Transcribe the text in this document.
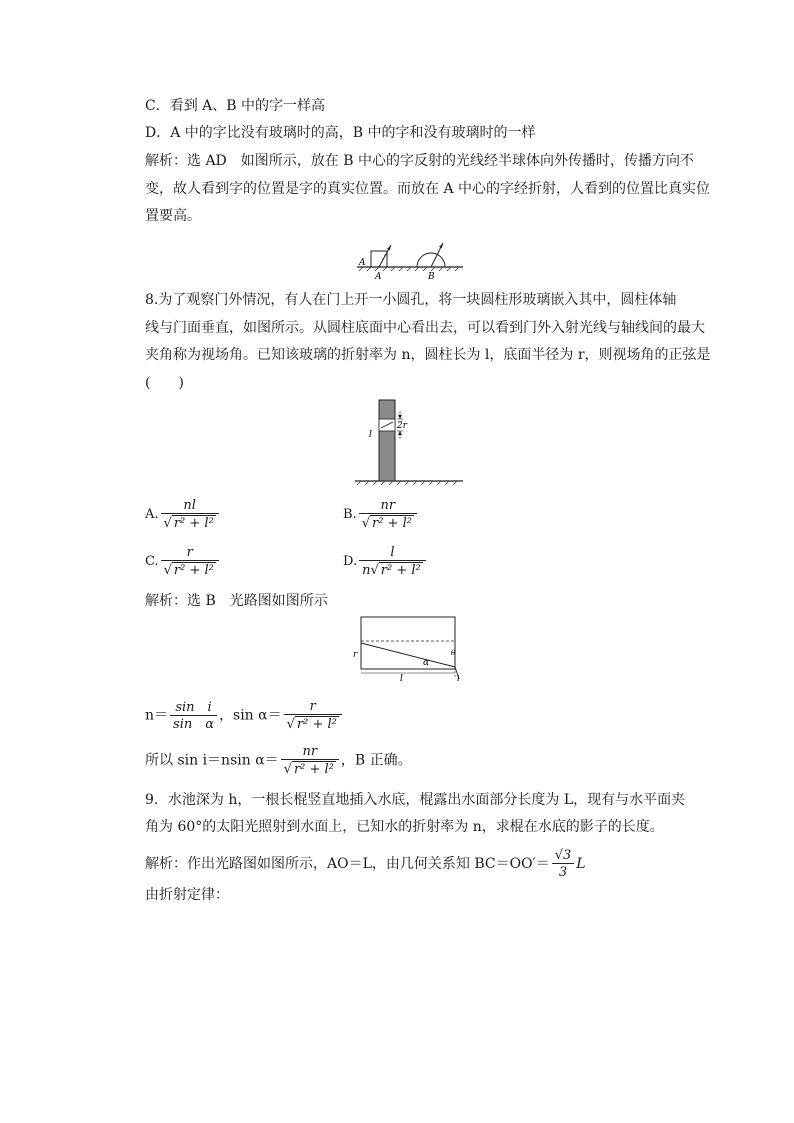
C．看到 A、B 中的字一样高
D．A 中的字比没有玻璃时的高，B 中的字和没有玻璃时的一样
解析：选 AD　如图所示，放在 B 中心的字反射的光线经半球体向外传播时，传播方向不
变，故人看到字的位置是字的真实位置。而放在 A 中心的字经折射，人看到的位置比真实位
置要高。
A
A	B
8.为了观察门外情况，有人在门上开一小圆孔，将一块圆柱形玻璃嵌入其中，圆柱体轴
线与门面垂直，如图所示。从圆柱底面中心看出去，可以看到门外入射光线与轴线间的最大
夹角称为视场角。已知该玻璃的折射率为 n，圆柱长为 l，底面半径为 r，则视场角的正弦是
(　　)
l
2r
A. $\frac{nl}{\text{√ r² + l²}}$	B. $\frac{nr}{\text{√ r² + l²}}$
C. $\frac{r}{\text{√ r² + l²}}$	D. $\frac{l}{\text{n√ r² + l²}}$
解析：选 B　光路图如图所示
r
l
α
i
θ
$n= \frac{\text{sin　i}}{\text{sin　α}}$ ，$\sin \alpha= \frac{r}{\text{√ r² + l²}}$
所以 sin i＝nsin $\alpha= \frac{nr}{\text{√ r² + l²}}$ ，B 正确。
9．水池深为 h，一根长棍竖直地插入水底，棍露出水面部分长度为 L，现有与水平面夹
角为 60°的太阳光照射到水面上，已知水的折射率为 n，求棍在水底的影子的长度。
解析：作出光路图如图所示，AO＝L，由几何关系知 $BC=OO'= \frac{√3}{3}$ L
由折射定律：
